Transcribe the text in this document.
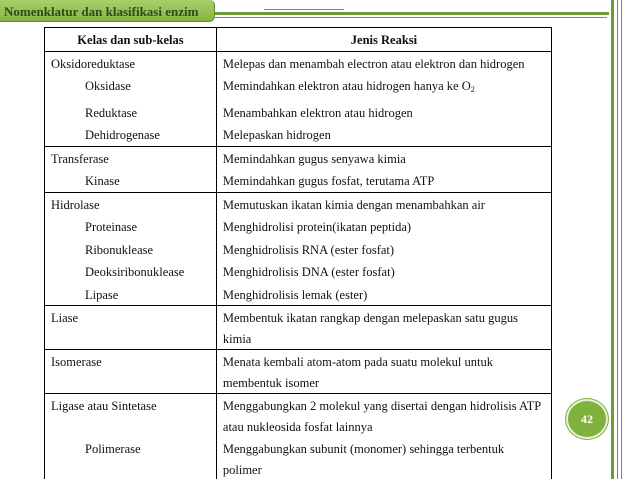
Nomenklatur dan klasifikasi enzim
Kelas dan sub-kelas	Jenis Reaksi
Oksidoreduktase	Melepas dan menambah electron atau elektron dan hidrogen
Oksidase	Memindahkan elektron atau hidrogen hanya ke $O_2$
Reduktase	Menambahkan elektron atau hidrogen
Dehidrogenase	Melepaskan hidrogen
Transferase	Memindahkan gugus senyawa kimia
Kinase	Memindahkan gugus fosfat, terutama ATP
Hidrolase	Memutuskan ikatan kimia dengan menambahkan air
Proteinase	Menghidrolisi protein(ikatan peptida)
Ribonuklease	Menghidrolisis RNA (ester fosfat)
Deoksiribonuklease	Menghidrolisis DNA (ester fosfat)
Lipase	Menghidrolisis lemak (ester)
Liase	Membentuk ikatan rangkap dengan melepaskan satu gugus kimia
Isomerase	Menata kembali atom-atom pada suatu molekul untuk membentuk isomer
Ligase atau Sintetase	Menggabungkan 2 molekul yang disertai dengan hidrolisis ATP atau nukleosida fosfat lainnya
Polimerase	Menggabungkan subunit (monomer) sehingga terbentuk polimer
42
